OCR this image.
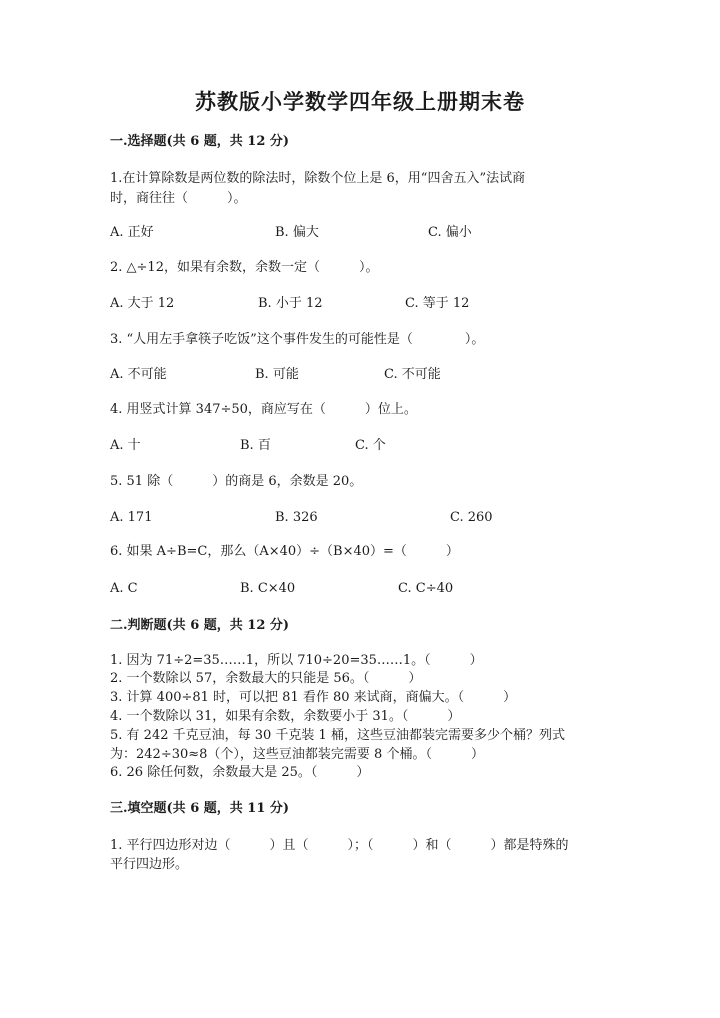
苏教版小学数学四年级上册期末卷
一.选择题(共 6 题，共 12 分)
1.在计算除数是两位数的除法时，除数个位上是 6，用“四舍五入”法试商
时，商往往（　　　）。
A. 正好	B. 偏大	C. 偏小
2. △÷12，如果有余数，余数一定（　　　）。
A. 大于 12	B. 小于 12	C. 等于 12
3. “人用左手拿筷子吃饭”这个事件发生的可能性是（　　　　）。
A. 不可能	B. 可能	C. 不可能
4. 用竖式计算 347÷50，商应写在（　　　）位上。
A. 十	B. 百	C. 个
5. 51 除（　　　）的商是 6，余数是 20。
A. 171	B. 326	C. 260
6. 如果 A÷B=C，那么（A×40）÷（B×40）=（　　　）
A. C	B. C×40	C. C÷40
二.判断题(共 6 题，共 12 分)
1. 因为 71÷2=35……1，所以 710÷20=35……1。（　　　）
2. 一个数除以 57，余数最大的只能是 56。（　　　）
3. 计算 400÷81 时，可以把 81 看作 80 来试商，商偏大。（　　　）
4. 一个数除以 31，如果有余数，余数要小于 31。（　　　）
5. 有 242 千克豆油，每 30 千克装 1 桶，这些豆油都装完需要多少个桶？列式
为：242÷30≈8（个），这些豆油都装完需要 8 个桶。（　　　）
6. 26 除任何数，余数最大是 25。（　　　）
三.填空题(共 6 题，共 11 分)
1. 平行四边形对边（　　　）且（　　　）；（　　　）和（　　　）都是特殊的
平行四边形。
